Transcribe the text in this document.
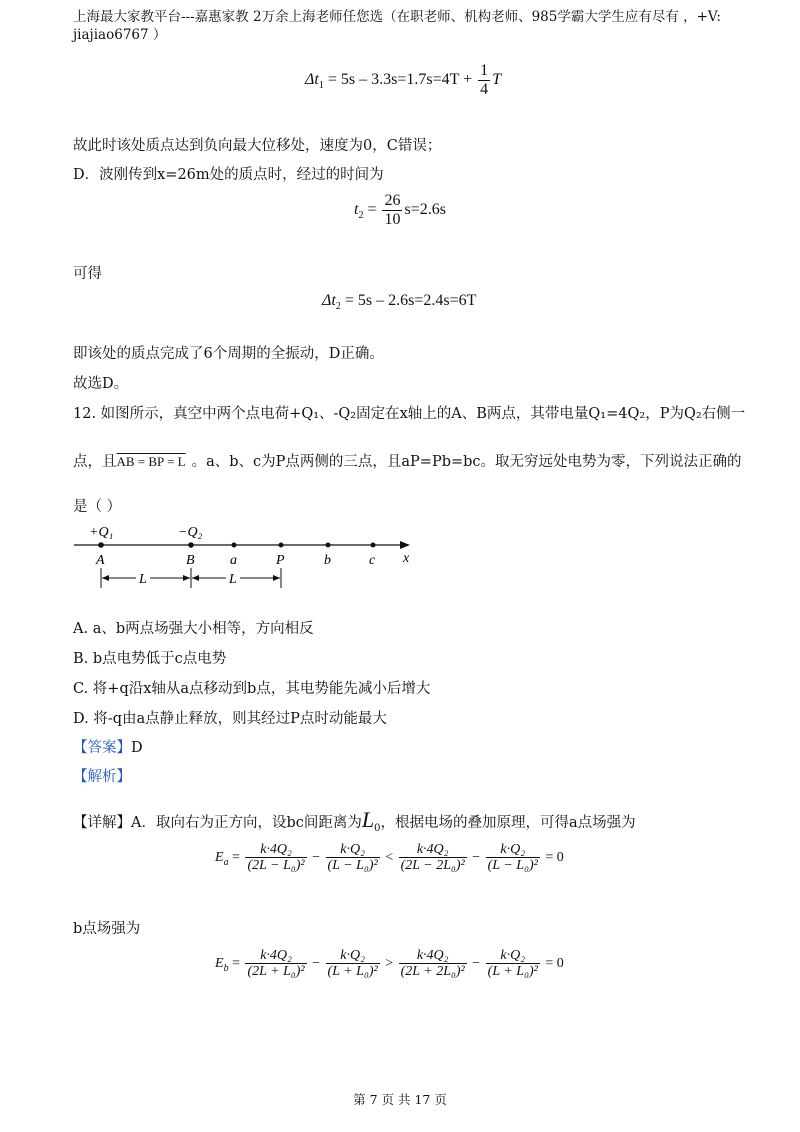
上海最大家教平台---嘉惠家教 2万余上海老师任您选（在职老师、机构老师、985学霸大学生应有尽有 ，+V:
jiajiao6767 ）
$\Delta t_1 = 5s - 3.3s=1.7s=4T + \frac{1}{4}$ T
故此时该处质点达到负向最大位移处，速度为0，C错误；
D．波刚传到x=26m处的质点时，经过的时间为
$t_2 = \frac{26}{10} s=2.6s$
可得
$\Delta t_2 = 5s - 2.6s=2.4s=6T$
即该处的质点完成了6个周期的全振动，D正确。
故选D。
12. 如图所示，真空中两个点电荷+Q₁、-Q₂固定在x轴上的A、B两点，其带电量Q₁=4Q₂，P为Q₂右侧一
点，且AB = BP = L 。a、b、c为P点两侧的三点，且aP=Pb=bc。取无穷远处电势为零，下列说法正确的
是（ ）
x
+Q₁	−Q₂
A	B	a	P	b	c
L	L
A. a、b两点场强大小相等，方向相反
B. b点电势低于c点电势
C. 将+q沿x轴从a点移动到b点，其电势能先减小后增大
D. 将-q由a点静止释放，则其经过P点时动能最大
【答案】D
【解析】
【详解】A．取向右为正方向，设bc间距离为$L_0$，根据电场的叠加原理，可得a点场强为
$E_a = \frac{\text{k·4Q₂}}{\text{(2L − L₀)²}} - \frac{\text{k·Q₂}}{\text{(L − L₀)²}} < \frac{\text{k·4Q₂}}{\text{(2L − 2L₀)²}} - \frac{\text{k·Q₂}}{\text{(L − L₀)²}} = 0$
b点场强为
$E_b = \frac{\text{k·4Q₂}}{\text{(2L + L₀)²}} - \frac{\text{k·Q₂}}{\text{(L + L₀)²}} > \frac{\text{k·4Q₂}}{\text{(2L + 2L₀)²}} - \frac{\text{k·Q₂}}{\text{(L + L₀)²}} = 0$
第 7 页 共 17 页
